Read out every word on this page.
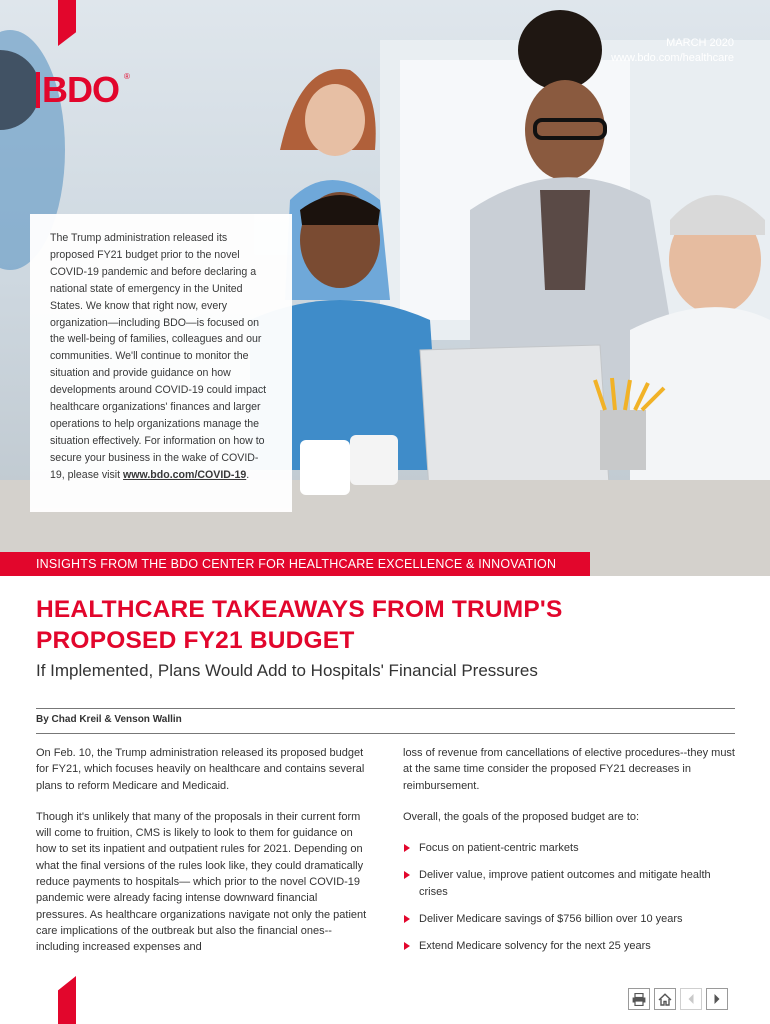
BDO ®
MARCH 2020
www.bdo.com/healthcare
The Trump administration released its proposed FY21 budget prior to the novel COVID-19 pandemic and before declaring a national state of emergency in the United States. We know that right now, every organization—including BDO—is focused on the well-being of families, colleagues and our communities. We'll continue to monitor the situation and provide guidance on how developments around COVID-19 could impact healthcare organizations' finances and larger operations to help organizations manage the situation effectively. For information on how to secure your business in the wake of COVID-19, please visit www.bdo.com/COVID-19.
INSIGHTS FROM THE BDO CENTER FOR HEALTHCARE EXCELLENCE & INNOVATION
HEALTHCARE TAKEAWAYS FROM TRUMP'S
PROPOSED FY21 BUDGET
If Implemented, Plans Would Add to Hospitals' Financial Pressures
By Chad Kreil & Venson Wallin

On Feb. 10, the Trump administration released its proposed budget for FY21, which focuses heavily on healthcare and contains several plans to reform Medicare and Medicaid.

Though it's unlikely that many of the proposals in their current form will come to fruition, CMS is likely to look to them for guidance on how to set its inpatient and outpatient rules for 2021. Depending on what the final versions of the rules look like, they could dramatically reduce payments to hospitals— which prior to the novel COVID-19 pandemic were already facing intense downward financial pressures. As healthcare organizations navigate not only the patient care implications of the outbreak but also the financial ones--including increased expenses and

loss of revenue from cancellations of elective procedures--they must at the same time consider the proposed FY21 decreases in reimbursement.

Overall, the goals of the proposed budget are to:

Focus on patient-centric markets
Deliver value, improve patient outcomes and mitigate health crises
Deliver Medicare savings of $756 billion over 10 years
Extend Medicare solvency for the next 25 years
